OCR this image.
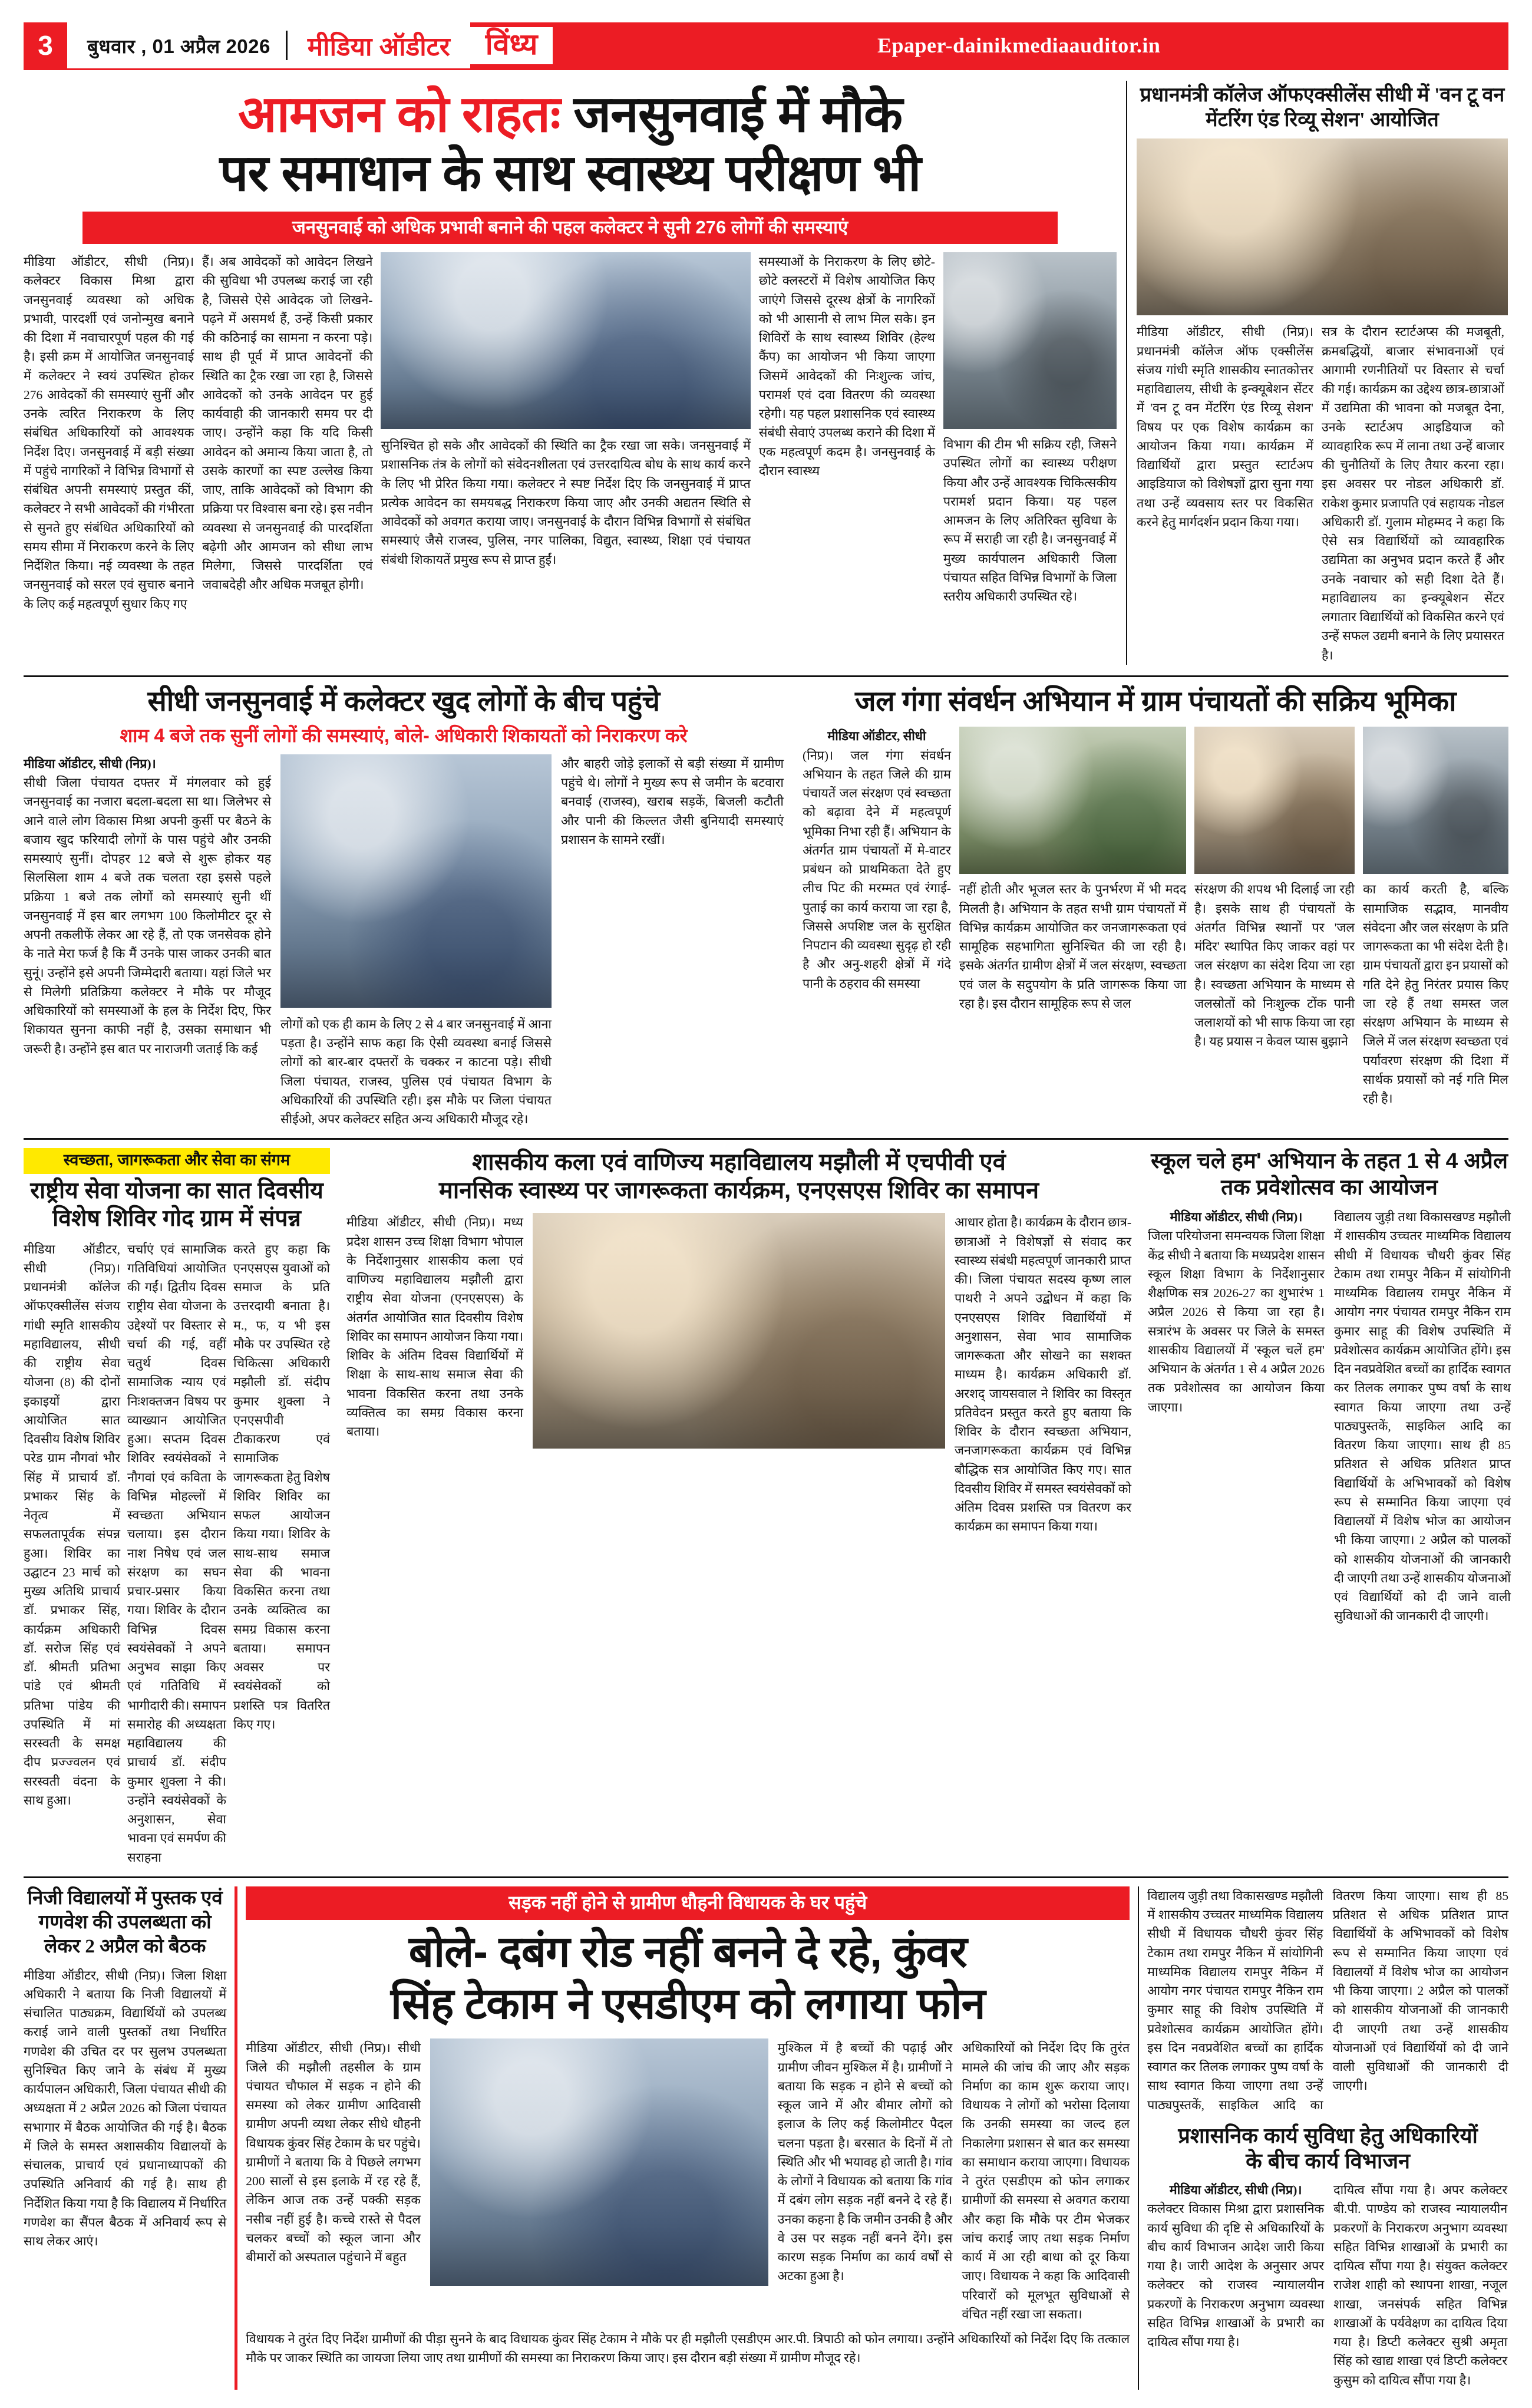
3	बुधवार , 01 अप्रैल 2026	मीडिया ऑडीटर	विंध्य	Epaper-dainikmediaauditor.in
आमजन को राहतः जनसुनवाई में मौके
पर समाधान के साथ स्वास्थ्य परीक्षण भी
जनसुनवाई को अधिक प्रभावी बनाने की पहल कलेक्टर ने सुनी 276 लोगों की समस्याएं

मीडिया ऑडीटर, सीधी (निप्र)। कलेक्टर विकास मिश्रा द्वारा जनसुनवाई व्यवस्था को अधिक प्रभावी, पारदर्शी एवं जनोन्मुख बनाने की दिशा में नवाचारपूर्ण पहल की गई है। इसी क्रम में आयोजित जनसुनवाई में कलेक्टर ने स्वयं उपस्थित होकर 276 आवेदकों की समस्याएं सुनीं और उनके त्वरित निराकरण के लिए संबंधित अधिकारियों को आवश्यक निर्देश दिए। जनसुनवाई में बड़ी संख्या में पहुंचे नागरिकों ने विभिन्न विभागों से संबंधित अपनी समस्याएं प्रस्तुत कीं, कलेक्टर ने सभी आवेदकों की गंभीरता से सुनते हुए संबंधित अधिकारियों को समय सीमा में निराकरण करने के लिए निर्देशित किया। नई व्यवस्था के तहत जनसुनवाई को सरल एवं सुचारु बनाने के लिए कई महत्वपूर्ण सुधार किए गए

हैं। अब आवेदकों को आवेदन लिखने की सुविधा भी उपलब्ध कराई जा रही है, जिससे ऐसे आवेदक जो लिखने-पढ़ने में असमर्थ हैं, उन्हें किसी प्रकार की कठिनाई का सामना न करना पड़े। साथ ही पूर्व में प्राप्त आवेदनों की स्थिति का ट्रैक रखा जा रहा है, जिससे आवेदकों को उनके आवेदन पर हुई कार्यवाही की जानकारी समय पर दी जाए। उन्होंने कहा कि यदि किसी आवेदन को अमान्य किया जाता है, तो उसके कारणों का स्पष्ट उल्लेख किया जाए, ताकि आवेदकों को विभाग की प्रक्रिया पर विश्वास बना रहे। इस नवीन व्यवस्था से जनसुनवाई की पारदर्शिता बढ़ेगी और आमजन को सीधा लाभ मिलेगा, जिससे पारदर्शिता एवं जवाबदेही और अधिक मजबूत होगी।

सुनिश्चित हो सके और आवेदकों की स्थिति का ट्रैक रखा जा सके। जनसुनवाई में प्रशासनिक तंत्र के लोगों को संवेदनशीलता एवं उत्तरदायित्व बोध के साथ कार्य करने के लिए भी प्रेरित किया गया। कलेक्टर ने स्पष्ट निर्देश दिए कि जनसुनवाई में प्राप्त प्रत्येक आवेदन का समयबद्ध निराकरण किया जाए और उनकी अद्यतन स्थिति से आवेदकों को अवगत कराया जाए। जनसुनवाई के दौरान विभिन्न विभागों से संबंधित समस्याएं जैसे राजस्व, पुलिस, नगर पालिका, विद्युत, स्वास्थ्य, शिक्षा एवं पंचायत संबंधी शिकायतें प्रमुख रूप से प्राप्त हुईं।

समस्याओं के निराकरण के लिए छोटे-छोटे क्लस्टरों में विशेष आयोजित किए जाएंगे जिससे दूरस्थ क्षेत्रों के नागरिकों को भी आसानी से लाभ मिल सके। इन शिविरों के साथ स्वास्थ्य शिविर (हेल्थ कैंप) का आयोजन भी किया जाएगा जिसमें आवेदकों की निःशुल्क जांच, परामर्श एवं दवा वितरण की व्यवस्था रहेगी। यह पहल प्रशासनिक एवं स्वास्थ्य संबंधी सेवाएं उपलब्ध कराने की दिशा में एक महत्वपूर्ण कदम है। जनसुनवाई के दौरान स्वास्थ्य

विभाग की टीम भी सक्रिय रही, जिसने उपस्थित लोगों का स्वास्थ्य परीक्षण किया और उन्हें आवश्यक चिकित्सकीय परामर्श प्रदान किया। यह पहल आमजन के लिए अतिरिक्त सुविधा के रूप में सराही जा रही है। जनसुनवाई में मुख्य कार्यपालन अधिकारी जिला पंचायत सहित विभिन्न विभागों के जिला स्तरीय अधिकारी उपस्थित रहे।

प्रधानमंत्री कॉलेज ऑफएक्सीलेंस सीधी में 'वन टू वन मेंटरिंग एंड रिव्यू सेशन' आयोजित

मीडिया ऑडीटर, सीधी (निप्र)। प्रधानमंत्री कॉलेज ऑफ एक्सीलेंस संजय गांधी स्मृति शासकीय स्नातकोत्तर महाविद्यालय, सीधी के इन्क्यूबेशन सेंटर में 'वन टू वन मेंटरिंग एंड रिव्यू सेशन' विषय पर एक विशेष कार्यक्रम का आयोजन किया गया। कार्यक्रम में विद्यार्थियों द्वारा प्रस्तुत स्टार्टअप आइडियाज को विशेषज्ञों द्वारा सुना गया तथा उन्हें व्यवसाय स्तर पर विकसित करने हेतु मार्गदर्शन प्रदान किया गया।

सत्र के दौरान स्टार्टअप्स की मजबूती, क्रमबद्धियों, बाजार संभावनाओं एवं आगामी रणनीतियों पर विस्तार से चर्चा की गई। कार्यक्रम का उद्देश्य छात्र-छात्राओं में उद्यमिता की भावना को मजबूत देना, उनके स्टार्टअप आइडियाज को व्यावहारिक रूप में लाना तथा उन्हें बाजार की चुनौतियों के लिए तैयार करना रहा। इस अवसर पर नोडल अधिकारी डॉ. राकेश कुमार प्रजापति एवं सहायक नोडल अधिकारी डॉ. गुलाम मोहम्मद ने कहा कि ऐसे सत्र विद्यार्थियों को व्यावहारिक उद्यमिता का अनुभव प्रदान करते हैं और उनके नवाचार को सही दिशा देते हैं। महाविद्यालय का इन्क्यूबेशन सेंटर लगातार विद्यार्थियों को विकसित करने एवं उन्हें सफल उद्यमी बनाने के लिए प्रयासरत है।

सीधी जनसुनवाई में कलेक्टर खुद लोगों के बीच पहुंचे
शाम 4 बजे तक सुनीं लोगों की समस्याएं, बोले- अधिकारी शिकायतों को निराकरण करे
मीडिया ऑडीटर, सीधी (निप्र)।

सीधी जिला पंचायत दफ्तर में मंगलवार को हुई जनसुनवाई का नजारा बदला-बदला सा था। जिलेभर से आने वाले लोग विकास मिश्रा अपनी कुर्सी पर बैठने के बजाय खुद फरियादी लोगों के पास पहुंचे और उनकी समस्याएं सुनीं। दोपहर 12 बजे से शुरू होकर यह सिलसिला शाम 4 बजे तक चलता रहा इससे पहले प्रक्रिया 1 बजे तक लोगों को समस्याएं सुनी थीं जनसुनवाई में इस बार लगभग 100 किलोमीटर दूर से अपनी तकलीफें लेकर आ रहे हैं, तो एक जनसेवक होने के नाते मेरा फर्ज है कि मैं उनके पास जाकर उनकी बात सुनूं। उन्होंने इसे अपनी जिम्मेदारी बताया। यहां जिले भर से मिलेगी प्रतिक्रिया कलेक्टर ने मौके पर मौजूद अधिकारियों को समस्याओं के हल के निर्देश दिए, फिर शिकायत सुनना काफी नहीं है, उसका समाधान भी जरूरी है। उन्होंने इस बात पर नाराजगी जताई कि कई

लोगों को एक ही काम के लिए 2 से 4 बार जनसुनवाई में आना पड़ता है। उन्होंने साफ कहा कि ऐसी व्यवस्था बनाई जिससे लोगों को बार-बार दफ्तरों के चक्कर न काटना पड़े। सीधी जिला पंचायत, राजस्व, पुलिस एवं पंचायत विभाग के अधिकारियों की उपस्थिति रही। इस मौके पर जिला पंचायत सीईओ, अपर कलेक्टर सहित अन्य अधिकारी मौजूद रहे।

और बाहरी जोड़े इलाकों से बड़ी संख्या में ग्रामीण पहुंचे थे। लोगों ने मुख्य रूप से जमीन के बटवारा बनवाई (राजस्व), खराब सड़कें, बिजली कटौती और पानी की किल्लत जैसी बुनियादी समस्याएं प्रशासन के सामने रखीं।

जल गंगा संवर्धन अभियान में ग्राम पंचायतों की सक्रिय भूमिका
मीडिया ऑडीटर, सीधी

(निप्र)। जल गंगा संवर्धन अभियान के तहत जिले की ग्राम पंचायतें जल संरक्षण एवं स्वच्छता को बढ़ावा देने में महत्वपूर्ण भूमिका निभा रही हैं। अभियान के अंतर्गत ग्राम पंचायतों में मे-वाटर प्रबंधन को प्राथमिकता देते हुए लीच पिट की मरम्मत एवं रंगाई-पुताई का कार्य कराया जा रहा है, जिससे अपशिष्ट जल के सुरक्षित निपटान की व्यवस्था सुदृढ़ हो रही है और अनु-शहरी क्षेत्रों में गंदे पानी के ठहराव की समस्या

नहीं होती और भूजल स्तर के पुनर्भरण में भी मदद मिलती है। अभियान के तहत सभी ग्राम पंचायतों में विभिन्न कार्यक्रम आयोजित कर जनजागरूकता एवं सामूहिक सहभागिता सुनिश्चित की जा रही है। इसके अंतर्गत ग्रामीण क्षेत्रों में जल संरक्षण, स्वच्छता एवं जल के सदुपयोग के प्रति जागरूक किया जा रहा है। इस दौरान सामूहिक रूप से जल

संरक्षण की शपथ भी दिलाई जा रही है। इसके साथ ही पंचायतों के अंतर्गत विभिन्न स्थानों पर 'जल मंदिर' स्थापित किए जाकर वहां पर जल संरक्षण का संदेश दिया जा रहा है। स्वच्छता अभियान के माध्यम से जलस्रोतों को निःशुल्क टोंक पानी जलाशयों को भी साफ किया जा रहा है। यह प्रयास न केवल प्यास बुझाने

का कार्य करती है, बल्कि सामाजिक सद्भाव, मानवीय संवेदना और जल संरक्षण के प्रति जागरूकता का भी संदेश देती है। ग्राम पंचायतों द्वारा इन प्रयासों को गति देने हेतु निरंतर प्रयास किए जा रहे हैं तथा समस्त जल संरक्षण अभियान के माध्यम से जिले में जल संरक्षण स्वच्छता एवं पर्यावरण संरक्षण की दिशा में सार्थक प्रयासों को नई गति मिल रही है।

स्वच्छता, जागरूकता और सेवा का संगम
राष्ट्रीय सेवा योजना का सात दिवसीय विशेष शिविर गोद ग्राम में संपन्न

मीडिया ऑडीटर, सीधी (निप्र)। प्रधानमंत्री कॉलेज ऑफएक्सीलेंस संजय गांधी स्मृति शासकीय महाविद्यालय, सीधी की राष्ट्रीय सेवा योजना (8) की दोनों इकाइयों द्वारा आयोजित सात दिवसीय विशेष शिविर परेड ग्राम नौगवां भौर सिंह में प्राचार्य डॉ. प्रभाकर सिंह के नेतृत्व में सफलतापूर्वक संपन्न हुआ। शिविर का उद्घाटन 23 मार्च को मुख्य अतिथि प्राचार्य डॉ. प्रभाकर सिंह, कार्यक्रम अधिकारी डॉ. सरोज सिंह एवं डॉ. श्रीमती प्रतिभा पांडे एवं श्रीमती प्रतिभा पांडेय की उपस्थिति में मां सरस्वती के समक्ष दीप प्रज्ज्वलन एवं सरस्वती वंदना के साथ हुआ।

चर्चाएं एवं सामाजिक गतिविधियां आयोजित की गईं। द्वितीय दिवस राष्ट्रीय सेवा योजना के उद्देश्यों पर विस्तार से चर्चा की गई, वहीं चतुर्थ दिवस सामाजिक न्याय एवं निःशक्तजन विषय पर व्याख्यान आयोजित हुआ। सप्तम दिवस शिविर स्वयंसेवकों ने नौगवां एवं कविता के विभिन्न मोहल्लों में स्वच्छता अभियान चलाया। इस दौरान नाश निषेध एवं जल संरक्षण का सघन प्रचार-प्रसार किया गया। शिविर के दौरान विभिन्न दिवस स्वयंसेवकों ने अपने अनुभव साझा किए एवं गतिविधि में भागीदारी की। समापन समारोह की अध्यक्षता महाविद्यालय की प्राचार्य डॉ. संदीप कुमार शुक्ला ने की। उन्होंने स्वयंसेवकों के अनुशासन, सेवा भावना एवं समर्पण की सराहना

करते हुए कहा कि एनएसएस युवाओं को समाज के प्रति उत्तरदायी बनाता है। म., फ, य भी इस मौके पर उपस्थित रहे चिकित्सा अधिकारी मझौली डॉ. संदीप कुमार शुक्ला ने एनएसपीवी टीकाकरण एवं सामाजिक जागरूकता हेतु विशेष शिविर शिविर का सफल आयोजन किया गया। शिविर के साथ-साथ समाज सेवा की भावना विकसित करना तथा उनके व्यक्तित्व का समग्र विकास करना बताया। समापन अवसर पर स्वयंसेवकों को प्रशस्ति पत्र वितरित किए गए।

शासकीय कला एवं वाणिज्य महाविद्यालय मझौली में एचपीवी एवं
मानसिक स्वास्थ्य पर जागरूकता कार्यक्रम, एनएसएस शिविर का समापन

मीडिया ऑडीटर, सीधी (निप्र)। मध्य प्रदेश शासन उच्च शिक्षा विभाग भोपाल के निर्देशानुसार शासकीय कला एवं वाणिज्य महाविद्यालय मझौली द्वारा राष्ट्रीय सेवा योजना (एनएसएस) के अंतर्गत आयोजित सात दिवसीय विशेष शिविर का समापन आयोजन किया गया। शिविर के अंतिम दिवस विद्यार्थियों में शिक्षा के साथ-साथ समाज सेवा की भावना विकसित करना तथा उनके व्यक्तित्व का समग्र विकास करना बताया।

आधार होता है। कार्यक्रम के दौरान छात्र-छात्राओं ने विशेषज्ञों से संवाद कर स्वास्थ्य संबंधी महत्वपूर्ण जानकारी प्राप्त की। जिला पंचायत सदस्य कृष्ण लाल पाथरी ने अपने उद्बोधन में कहा कि एनएसएस शिविर विद्यार्थियों में अनुशासन, सेवा भाव सामाजिक जागरूकता और सोखने का सशक्त माध्यम है। कार्यक्रम अधिकारी डॉ. अरशद् जायसवाल ने शिविर का विस्तृत प्रतिवेदन प्रस्तुत करते हुए बताया कि शिविर के दौरान स्वच्छता अभियान, जनजागरूकता कार्यक्रम एवं विभिन्न बौद्धिक सत्र आयोजित किए गए। सात दिवसीय शिविर में समस्त स्वयंसेवकों को अंतिम दिवस प्रशस्ति पत्र वितरण कर कार्यक्रम का समापन किया गया।

स्कूल चले हम' अभियान के तहत 1 से 4 अप्रैल तक प्रवेशोत्सव का आयोजन
मीडिया ऑडीटर, सीधी (निप्र)।

जिला परियोजना समन्वयक जिला शिक्षा केंद्र सीधी ने बताया कि मध्यप्रदेश शासन स्कूल शिक्षा विभाग के निर्देशानुसार शैक्षणिक सत्र 2026-27 का शुभारंभ 1 अप्रैल 2026 से किया जा रहा है। सत्रारंभ के अवसर पर जिले के समस्त शासकीय विद्यालयों में 'स्कूल चलें हम' अभियान के अंतर्गत 1 से 4 अप्रैल 2026 तक प्रवेशोत्सव का आयोजन किया जाएगा।

विद्यालय जुड़ी तथा विकासखण्ड मझौली में शासकीय उच्चतर माध्यमिक विद्यालय सीधी में विधायक चौधरी कुंवर सिंह टेकाम तथा रामपुर नैकिन में सांयोगिनी माध्यमिक विद्यालय रामपुर नैकिन में आयोग नगर पंचायत रामपुर नैकिन राम कुमार साहू की विशेष उपस्थिति में प्रवेशोत्सव कार्यक्रम आयोजित होंगे। इस दिन नवप्रवेशित बच्चों का हार्दिक स्वागत कर तिलक लगाकर पुष्प वर्षा के साथ स्वागत किया जाएगा तथा उन्हें पाठ्यपुस्तकें, साइकिल आदि का वितरण किया जाएगा। साथ ही 85 प्रतिशत से अधिक प्रतिशत प्राप्त विद्यार्थियों के अभिभावकों को विशेष रूप से सम्मानित किया जाएगा एवं विद्यालयों में विशेष भोज का आयोजन भी किया जाएगा। 2 अप्रैल को पालकों को शासकीय योजनाओं की जानकारी दी जाएगी तथा उन्हें शासकीय योजनाओं एवं विद्यार्थियों को दी जाने वाली सुविधाओं की जानकारी दी जाएगी।

निजी विद्यालयों में पुस्तक एवं गणवेश की उपलब्धता को लेकर 2 अप्रैल को बैठक

मीडिया ऑडीटर, सीधी (निप्र)। जिला शिक्षा अधिकारी ने बताया कि निजी विद्यालयों में संचालित पाठ्यक्रम, विद्यार्थियों को उपलब्ध कराई जाने वाली पुस्तकों तथा निर्धारित गणवेश की उचित दर पर सुलभ उपलब्धता सुनिश्चित किए जाने के संबंध में मुख्य कार्यपालन अधिकारी, जिला पंचायत सीधी की अध्यक्षता में 2 अप्रैल 2026 को जिला पंचायत सभागार में बैठक आयोजित की गई है। बैठक में जिले के समस्त अशासकीय विद्यालयों के संचालक, प्राचार्य एवं प्रधानाध्यापकों की उपस्थिति अनिवार्य की गई है। साथ ही निर्देशित किया गया है कि विद्यालय में निर्धारित गणवेश का सैंपल बैठक में अनिवार्य रूप से साथ लेकर आएं।

सड़क नहीं होने से ग्रामीण धौहनी विधायक के घर पहुंचे
बोले- दबंग रोड नहीं बनने दे रहे, कुंवर
सिंह टेकाम ने एसडीएम को लगाया फोन

मीडिया ऑडीटर, सीधी (निप्र)। सीधी जिले की मझौली तहसील के ग्राम पंचायत चौफाल में सड़क न होने की समस्या को लेकर ग्रामीण आदिवासी ग्रामीण अपनी व्यथा लेकर सीधे धौहनी विधायक कुंवर सिंह टेकाम के घर पहुंचे। ग्रामीणों ने बताया कि वे पिछले लगभग 200 सालों से इस इलाके में रह रहे हैं, लेकिन आज तक उन्हें पक्की सड़क नसीब नहीं हुई है। कच्चे रास्ते से पैदल चलकर बच्चों को स्कूल जाना और बीमारों को अस्पताल पहुंचाने में बहुत

मुश्किल में है बच्चों की पढ़ाई और ग्रामीण जीवन मुश्किल में है। ग्रामीणों ने बताया कि सड़क न होने से बच्चों को स्कूल जाने में और बीमार लोगों को इलाज के लिए कई किलोमीटर पैदल चलना पड़ता है। बरसात के दिनों में तो स्थिति और भी भयावह हो जाती है। गांव के लोगों ने विधायक को बताया कि गांव में दबंग लोग सड़क नहीं बनने दे रहे हैं। उनका कहना है कि जमीन उनकी है और वे उस पर सड़क नहीं बनने देंगे। इस कारण सड़क निर्माण का कार्य वर्षों से अटका हुआ है।

अधिकारियों को निर्देश दिए कि तुरंत मामले की जांच की जाए और सड़क निर्माण का काम शुरू कराया जाए। विधायक ने लोगों को भरोसा दिलाया कि उनकी समस्या का जल्द हल निकालेगा प्रशासन से बात कर समस्या का समाधान कराया जाएगा। विधायक ने तुरंत एसडीएम को फोन लगाकर ग्रामीणों की समस्या से अवगत कराया और कहा कि मौके पर टीम भेजकर जांच कराई जाए तथा सड़क निर्माण कार्य में आ रही बाधा को दूर किया जाए। विधायक ने कहा कि आदिवासी परिवारों को मूलभूत सुविधाओं से वंचित नहीं रखा जा सकता।

विधायक ने तुरंत दिए निर्देश ग्रामीणों की पीड़ा सुनने के बाद विधायक कुंवर सिंह टेकाम ने मौके पर ही मझौली एसडीएम आर.पी. त्रिपाठी को फोन लगाया। उन्होंने अधिकारियों को निर्देश दिए कि तत्काल मौके पर जाकर स्थिति का जायजा लिया जाए तथा ग्रामीणों की समस्या का निराकरण किया जाए। इस दौरान बड़ी संख्या में ग्रामीण मौजूद रहे।

विद्यालय जुड़ी तथा विकासखण्ड मझौली में शासकीय उच्चतर माध्यमिक विद्यालय सीधी में विधायक चौधरी कुंवर सिंह टेकाम तथा रामपुर नैकिन में सांयोगिनी माध्यमिक विद्यालय रामपुर नैकिन में आयोग नगर पंचायत रामपुर नैकिन राम कुमार साहू की विशेष उपस्थिति में प्रवेशोत्सव कार्यक्रम आयोजित होंगे। इस दिन नवप्रवेशित बच्चों का हार्दिक स्वागत कर तिलक लगाकर पुष्प वर्षा के साथ स्वागत किया जाएगा तथा उन्हें पाठ्यपुस्तकें, साइकिल आदि का वितरण किया जाएगा। साथ ही 85 प्रतिशत से अधिक प्रतिशत प्राप्त विद्यार्थियों के अभिभावकों को विशेष रूप से सम्मानित किया जाएगा एवं विद्यालयों में विशेष भोज का आयोजन भी किया जाएगा। 2 अप्रैल को पालकों को शासकीय योजनाओं की जानकारी दी जाएगी तथा उन्हें शासकीय योजनाओं एवं विद्यार्थियों को दी जाने वाली सुविधाओं की जानकारी दी जाएगी।

प्रशासनिक कार्य सुविधा हेतु अधिकारियों
के बीच कार्य विभाजन
मीडिया ऑडीटर, सीधी (निप्र)।

कलेक्टर विकास मिश्रा द्वारा प्रशासनिक कार्य सुविधा की दृष्टि से अधिकारियों के बीच कार्य विभाजन आदेश जारी किया गया है। जारी आदेश के अनुसार अपर कलेक्टर को राजस्व न्यायालयीन प्रकरणों के निराकरण अनुभाग व्यवस्था सहित विभिन्न शाखाओं के प्रभारी का दायित्व सौंपा गया है।

दायित्व सौंपा गया है। अपर कलेक्टर बी.पी. पाण्डेय को राजस्व न्यायालयीन प्रकरणों के निराकरण अनुभाग व्यवस्था सहित विभिन्न शाखाओं के प्रभारी का दायित्व सौंपा गया है। संयुक्त कलेक्टर राजेश शाही को स्थापना शाखा, नजूल शाखा, जनसंपर्क सहित विभिन्न शाखाओं के पर्यवेक्षण का दायित्व दिया गया है। डिप्टी कलेक्टर सुश्री अमृता सिंह को खाद्य शाखा एवं डिप्टी कलेक्टर कुसुम को दायित्व सौंपा गया है।
